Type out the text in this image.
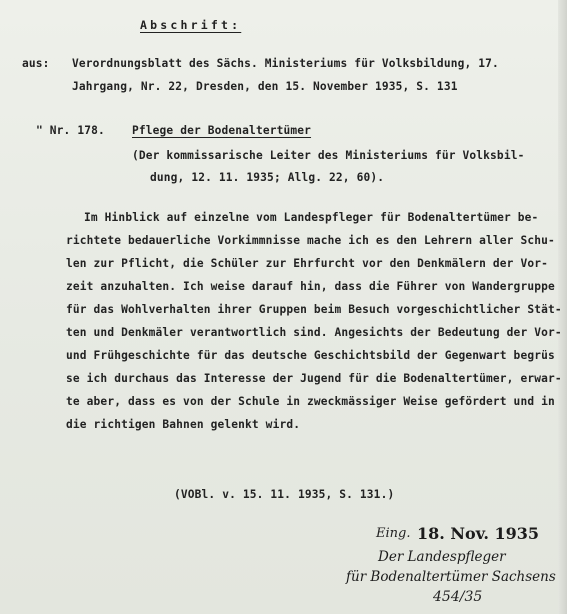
Abschrift:
aus: Verordnungsblatt des Sächs. Ministeriums für Volksbildung, 17.
Jahrgang, Nr. 22, Dresden, den 15. November 1935, S. 131
" Nr. 178. Pflege der Bodenaltertümer
(Der kommissarische Leiter des Ministeriums für Volksbil-
dung, 12. 11. 1935; Allg. 22, 60).
Im Hinblick auf einzelne vom Landespfleger für Bodenaltertümer be-
richtete bedauerliche Vorkimmnisse mache ich es den Lehrern aller Schu-
len zur Pflicht, die Schüler zur Ehrfurcht vor den Denkmälern der Vor-
zeit anzuhalten. Ich weise darauf hin, dass die Führer von Wandergruppe
für das Wohlverhalten ihrer Gruppen beim Besuch vorgeschichtlicher Stät-
ten und Denkmäler verantwortlich sind. Angesichts der Bedeutung der Vor-
und Frühgeschichte für das deutsche Geschichtsbild der Gegenwart begrüs
se ich durchaus das Interesse der Jugend für die Bodenaltertümer, erwar-
te aber, dass es von der Schule in zweckmässiger Weise gefördert und in
die richtigen Bahnen gelenkt wird.
(VOBl. v. 15. 11. 1935, S. 131.)
Eing. 18. Nov. 1935
Der Landespfleger
für Bodenaltertümer Sachsens
454/35
